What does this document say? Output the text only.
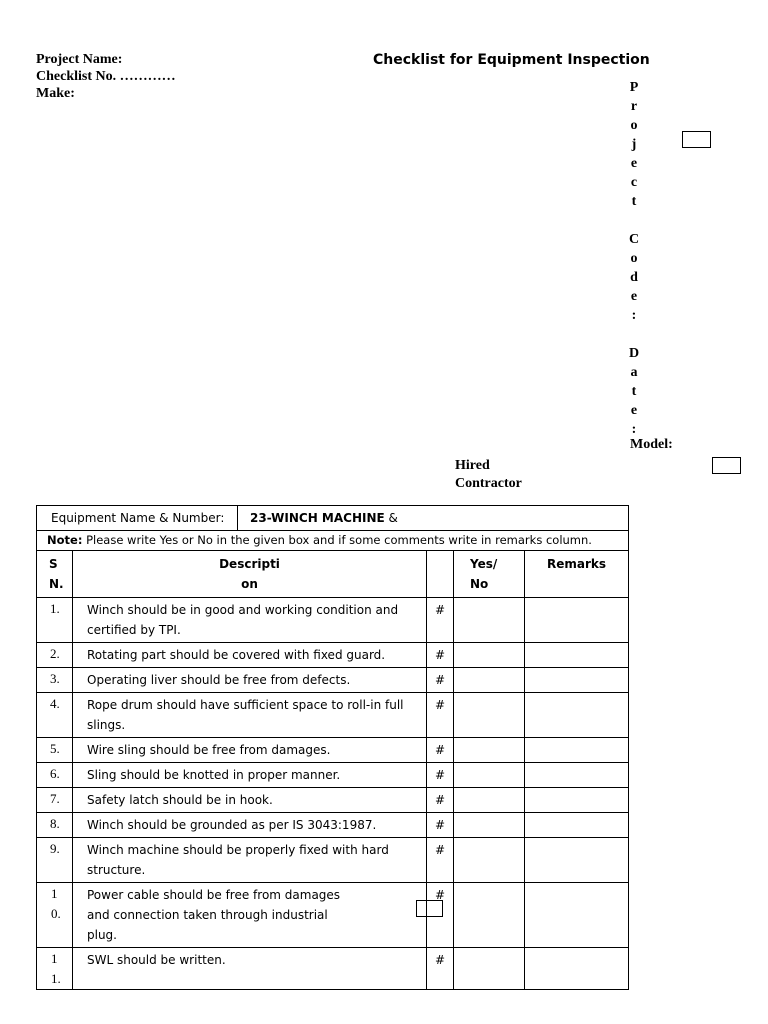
Project Name:
Checklist No. …………
Make:
Checklist for Equipment Inspection
P
r
o
j
e
c
t
C
o
d
e
:
D
a
t
e
:
Model:
Hired
Contractor
Equipment Name & Number:		23-WINCH MACHINE &			
Note: Please write Yes or No in the given box and if some comments write in remarks column.					
S N.	Descripti
on			Yes/ No	Remarks
1.	Winch should be in good and working condition and certified by TPI.		#		
2.	Rotating part should be covered with fixed guard.		#		
3.	Operating liver should be free from defects.		#		
4.	Rope drum should have sufficient space to roll-in full slings.		#		
5.	Wire sling should be free from damages.		#		
6.	Sling should be knotted in proper manner.		#		
7.	Safety latch should be in hook.		#		
8.	Winch should be grounded as per IS 3043:1987.		#		
9.	Winch machine should be properly fixed with hard structure.		#		
1 0.	Power cable should be free from damages
and connection taken through industrial
plug.		#		
1 1.	SWL should be written.		#		
